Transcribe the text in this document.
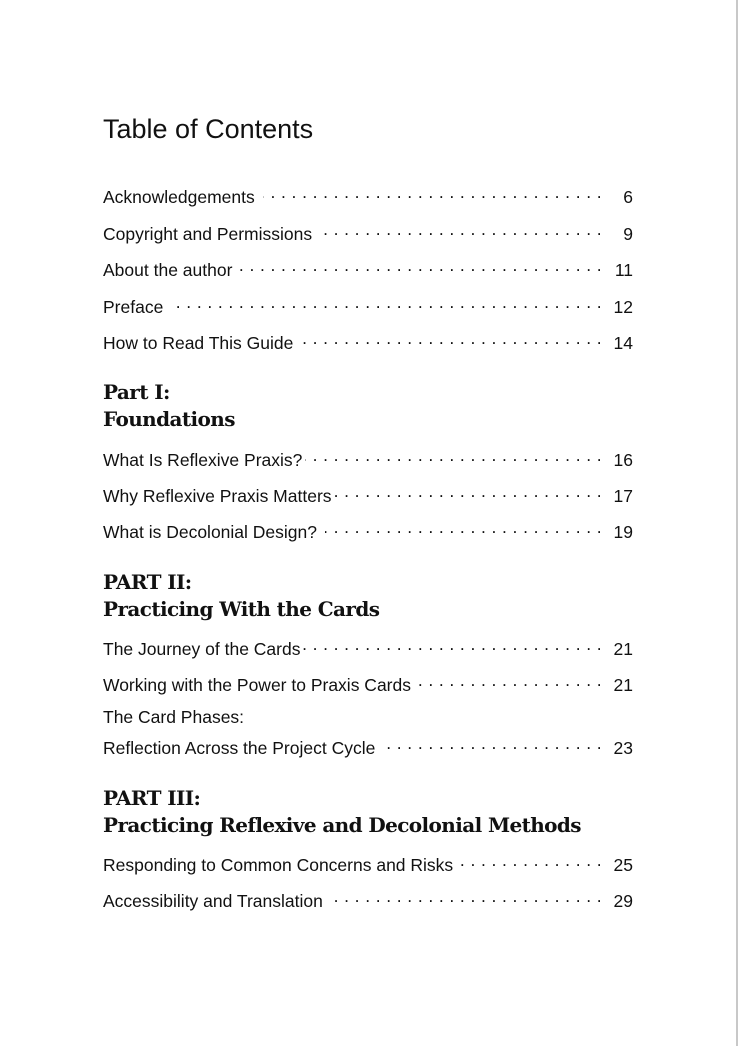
Table of Contents
Acknowledgements . . .	6
Copyright and Permissions . . .	9
About the author . . .	11
Preface . . .	12
How to Read This Guide . . .	14
Part I:
Foundations
What Is Reflexive Praxis? . . .	16
Why Reflexive Praxis Matters . . .	17
What is Decolonial Design? . . .	19
PART II:
Practicing With the Cards
The Journey of the Cards . . .	21
Working with the Power to Praxis Cards . . .	21
The Card Phases:
Reflection Across the Project Cycle . . .	23
PART III:
Practicing Reflexive and Decolonial Methods
Responding to Common Concerns and Risks . . .	25
Accessibility and Translation . . .	29
